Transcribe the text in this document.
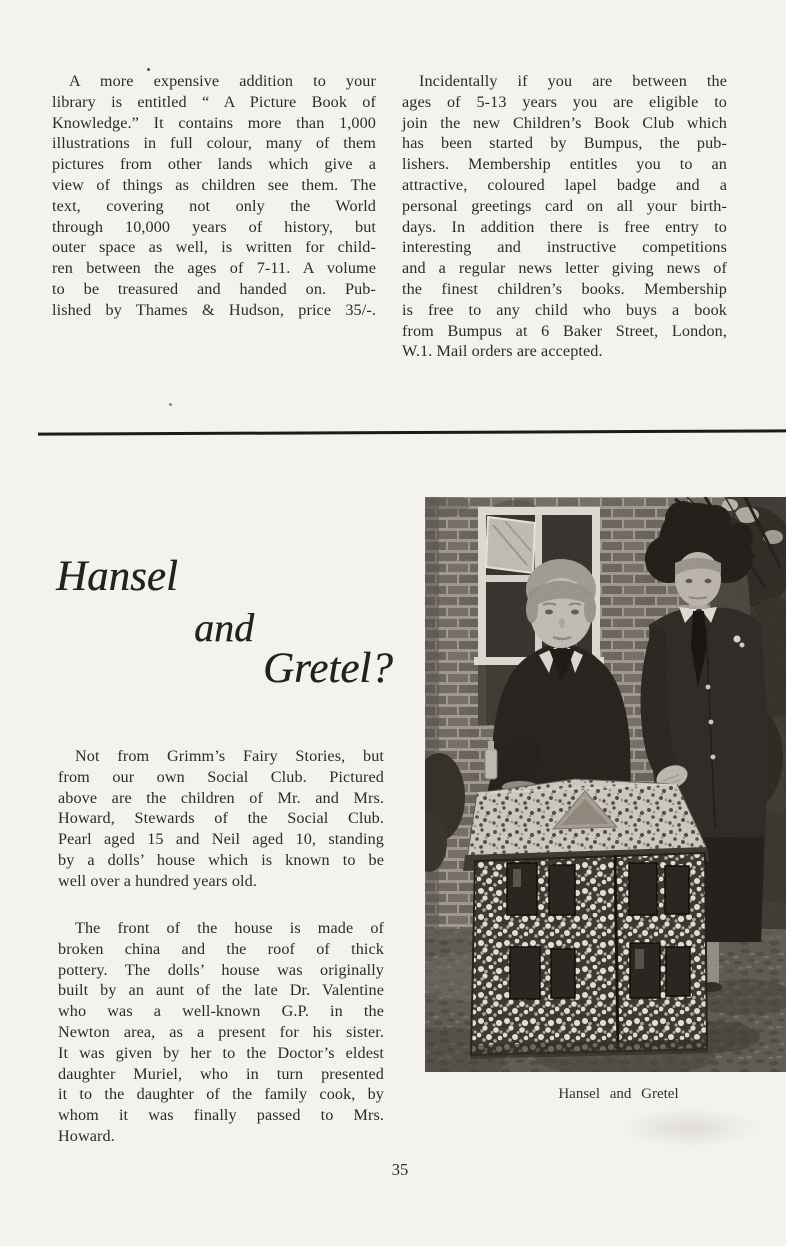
A more expensive addition to your
library is entitled “ A Picture Book of
Knowledge.” It contains more than 1,000
illustrations in full colour, many of them
pictures from other lands which give a
view of things as children see them. The
text, covering not only the World
through 10,000 years of history, but
outer space as well, is written for child-
ren between the ages of 7-11. A volume
to be treasured and handed on. Pub-
lished by Thames & Hudson, price 35/-.
Incidentally if you are between the
ages of 5-13 years you are eligible to
join the new Children’s Book Club which
has been started by Bumpus, the pub-
lishers. Membership entitles you to an
attractive, coloured lapel badge and a
personal greetings card on all your birth-
days. In addition there is free entry to
interesting and instructive competitions
and a regular news letter giving news of
the finest children’s books. Membership
is free to any child who buys a book
from Bumpus at 6 Baker Street, London,
W.1. Mail orders are accepted.
Hansel
and
Gretel?
Not from Grimm’s Fairy Stories, but
from our own Social Club. Pictured
above are the children of Mr. and Mrs.
Howard, Stewards of the Social Club.
Pearl aged 15 and Neil aged 10, standing
by a dolls’ house which is known to be
well over a hundred years old.
The front of the house is made of
broken china and the roof of thick
pottery. The dolls’ house was originally
built by an aunt of the late Dr. Valentine
who was a well-known G.P. in the
Newton area, as a present for his sister.
It was given by her to the Doctor’s eldest
daughter Muriel, who in turn presented
it to the daughter of the family cook, by
whom it was finally passed to Mrs.
Howard.
Hansel and Gretel
35
